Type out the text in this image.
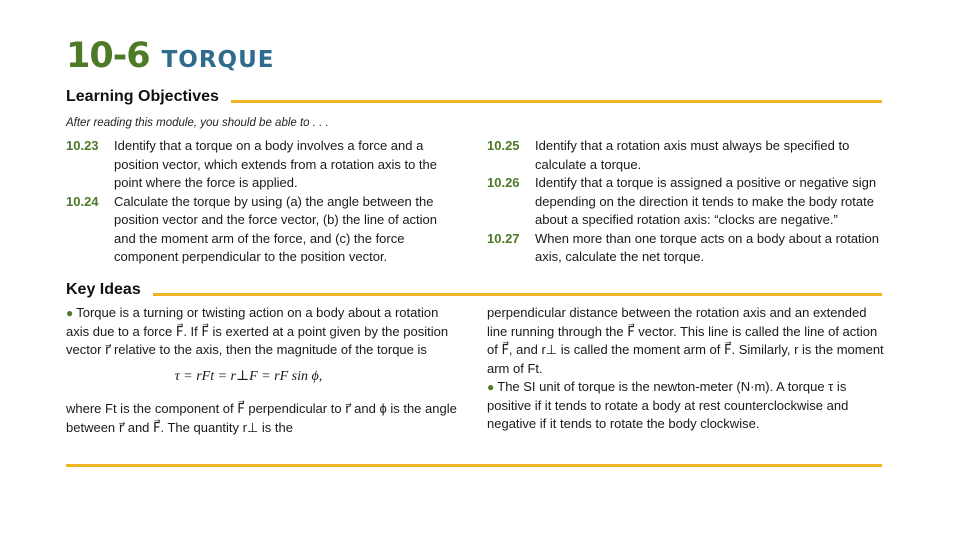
10-6 TORQUE
Learning Objectives
After reading this module, you should be able to . . .
10.23 Identify that a torque on a body involves a force and a position vector, which extends from a rotation axis to the point where the force is applied.
10.24 Calculate the torque by using (a) the angle between the position vector and the force vector, (b) the line of action and the moment arm of the force, and (c) the force component perpendicular to the position vector.
10.25 Identify that a rotation axis must always be specified to calculate a torque.
10.26 Identify that a torque is assigned a positive or negative sign depending on the direction it tends to make the body rotate about a specified rotation axis: “clocks are negative.”
10.27 When more than one torque acts on a body about a rotation axis, calculate the net torque.
Key Ideas
● Torque is a turning or twisting action on a body about a rotation axis due to a force F⃗. If F⃗ is exerted at a point given by the position vector r⃗ relative to the axis, then the magnitude of the torque is
τ = rFt = r⊥F = rF sin ϕ,
where Ft is the component of F⃗ perpendicular to r⃗ and ϕ is the angle between r⃗ and F⃗. The quantity r⊥ is the
perpendicular distance between the rotation axis and an extended line running through the F⃗ vector. This line is called the line of action of F⃗, and r⊥ is called the moment arm of F⃗. Similarly, r is the moment arm of Ft.
● The SI unit of torque is the newton-meter (N·m). A torque τ is positive if it tends to rotate a body at rest counterclockwise and negative if it tends to rotate the body clockwise.
